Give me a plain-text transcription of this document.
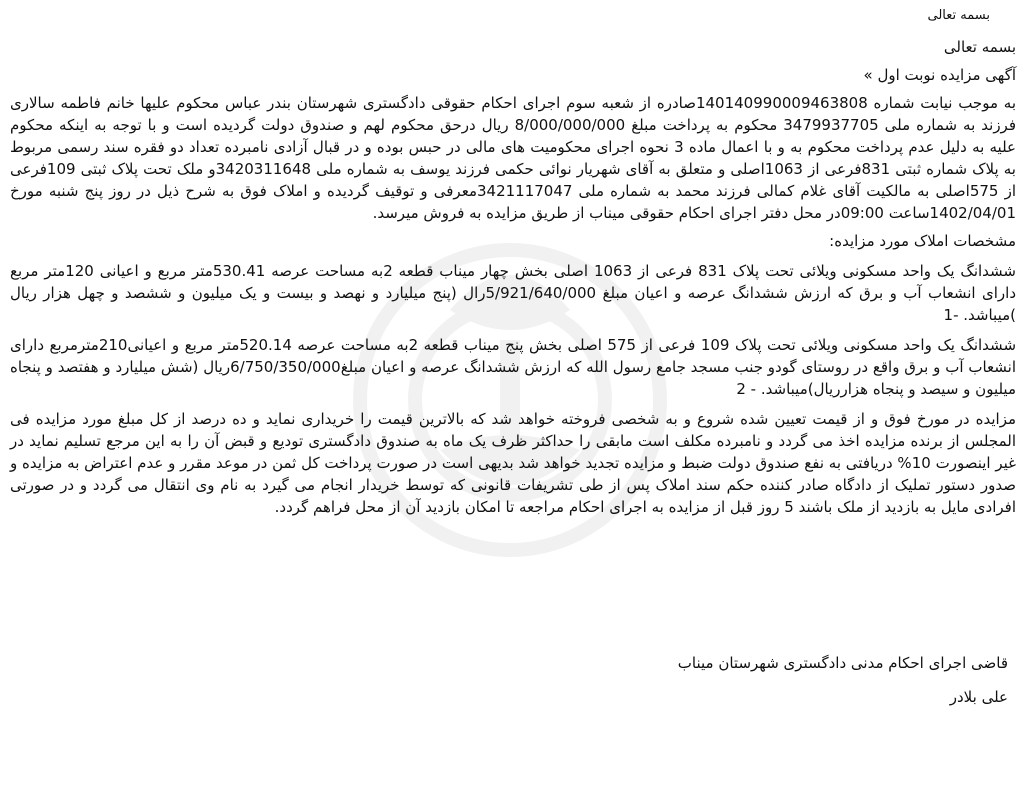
بسمه تعالی
بسمه تعالی
آگهی مزایده نوبت اول »

به موجب نیابت شماره 140140990009463808صادره از شعبه سوم اجرای احکام حقوقی دادگستری شهرستان بندر عباس محکوم علیها خانم فاطمه سالاری فرزند به شماره ملی 3479937705 محکوم به پرداخت مبلغ 8/000/000/000 ریال درحق محکوم لهم و صندوق دولت گردیده است و با توجه به اینکه محکوم علیه به دلیل عدم پرداخت محکوم به و با اعمال ماده 3 نحوه اجرای محکومیت های مالی در حبس بوده و در قبال آزادی نامبرده تعداد دو فقره سند رسمی مربوط به پلاک شماره ثبتی 831فرعی از 1063اصلی و متعلق به آقای شهریار نوائی حکمی فرزند یوسف به شماره ملی 3420311648و ملک تحت پلاک ثبتی 109فرعی از 575اصلی به مالکیت آقای غلام کمالی فرزند محمد به شماره ملی 3421117047معرفی و توقیف گردیده و املاک فوق به شرح ذیل در روز پنج شنبه مورخ 1402/04/01ساعت 09:00در محل دفتر اجرای احکام حقوقی میناب از طریق مزایده به فروش میرسد.

مشخصات املاک مورد مزایده:

ششدانگ یک واحد مسکونی ویلائی تحت پلاک 831 فرعی از 1063 اصلی بخش چهار میناب قطعه 2به مساحت عرصه 530.41متر مربع و اعیانی 120متر مربع دارای انشعاب آب و برق که ارزش ششدانگ عرصه و اعیان مبلغ 5/921/640/000رال (پنج میلیارد و نهصد و بیست و یک میلیون و ششصد و چهل هزار ریال )میباشد. -1

ششدانگ یک واحد مسکونی ویلائی تحت پلاک 109 فرعی از 575 اصلی بخش پنج میناب قطعه 2به مساحت عرصه 520.14متر مربع و اعیانی210مترمربع دارای انشعاب آب و برق واقع در روستای گودو جنب مسجد جامع رسول الله که ارزش ششدانگ عرصه و اعیان مبلغ6/750/350/000ریال (شش میلیارد و هفتصد و پنجاه میلیون و سیصد و پنجاه هزارریال)میباشد. - 2

مزایده در مورخ فوق و از قیمت تعیین شده شروع و به شخصی فروخته خواهد شد که بالاترین قیمت را خریداری نماید و ده درصد از کل مبلغ مورد مزایده فی المجلس از برنده مزایده اخذ می گردد و نامبرده مکلف است مابقی را حداکثر ظرف یک ماه به صندوق دادگستری تودیع و قبض آن را به این مرجع تسلیم نماید در غیر اینصورت 10% دریافتی به نفع صندوق دولت ضبط و مزایده تجدید خواهد شد بدیهی است در صورت پرداخت کل ثمن در موعد مقرر و عدم اعتراض به مزایده و صدور دستور تملیک از دادگاه صادر کننده حکم سند املاک پس از طی تشریفات قانونی که توسط خریدار انجام می گیرد به نام وی انتقال می گردد و در صورتی افرادی مایل به بازدید از ملک باشند 5 روز قبل از مزایده به اجرای احکام مراجعه تا امکان بازدید آن از محل فراهم گردد.

قاضی اجرای احکام مدنی دادگستری شهرستان میناب
علی بلادر
